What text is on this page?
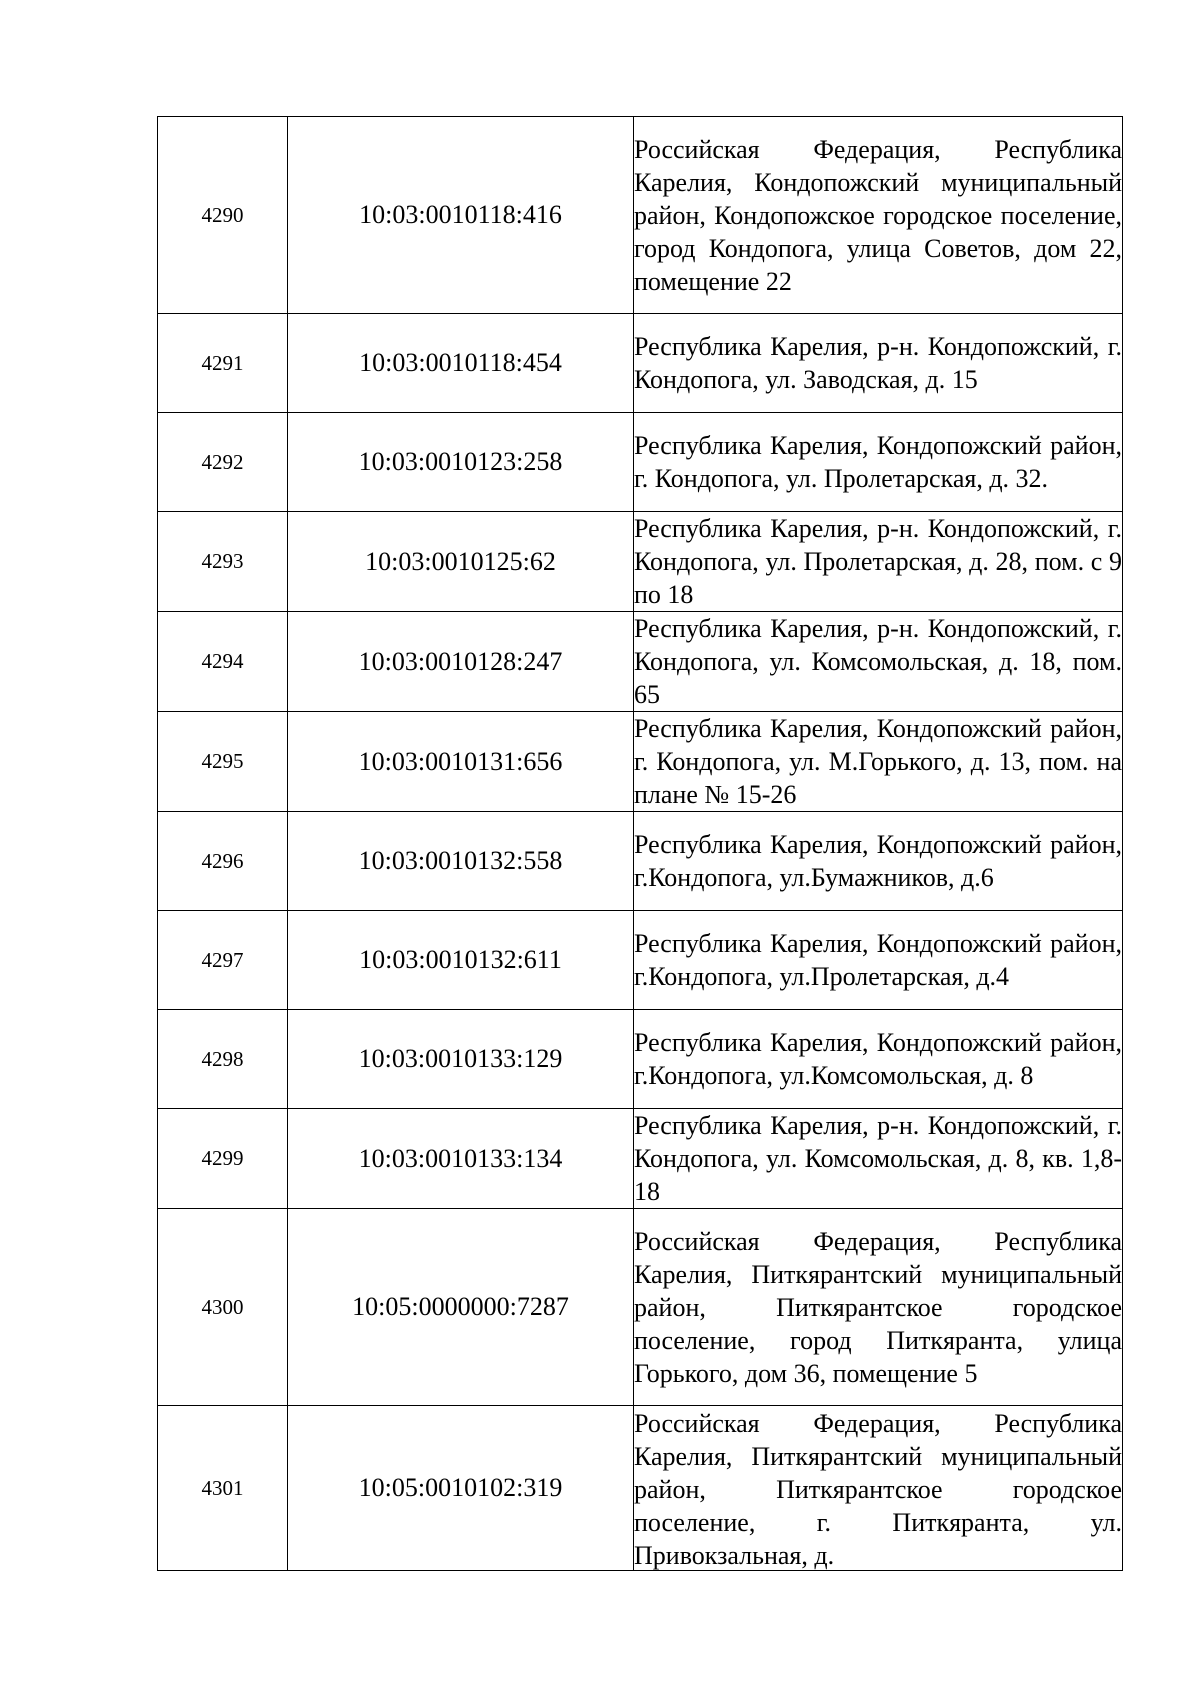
4290	10:03:0010118:416	Российская Федерация, Республика Карелия, Кондопожский муниципальный район, Кондопожское городское поселение, город Кондопога, улица Советов, дом 22, помещение 22
4291	10:03:0010118:454	Республика Карелия, р-н. Кондопожский, г. Кондопога, ул. Заводская, д. 15
4292	10:03:0010123:258	Республика Карелия, Кондопожский район, г. Кондопога, ул. Пролетарская, д. 32.
4293	10:03:0010125:62	Республика Карелия, р-н. Кондопожский, г. Кондопога, ул. Пролетарская, д. 28, пом. с 9 по 18
4294	10:03:0010128:247	Республика Карелия, р-н. Кондопожский, г. Кондопога, ул. Комсомольская, д. 18, пом. 65
4295	10:03:0010131:656	Республика Карелия, Кондопожский район, г. Кондопога, ул. М.Горького, д. 13, пом. на плане № 15-26
4296	10:03:0010132:558	Республика Карелия, Кондопожский район, г.Кондопога, ул.Бумажников, д.6
4297	10:03:0010132:611	Республика Карелия, Кондопожский район, г.Кондопога, ул.Пролетарская, д.4
4298	10:03:0010133:129	Республика Карелия, Кондопожский район, г.Кондопога, ул.Комсомольская, д. 8
4299	10:03:0010133:134	Республика Карелия, р-н. Кондопожский, г. Кондопога, ул. Комсомольская, д. 8, кв. 1,8-18
4300	10:05:0000000:7287	Российская Федерация, Республика Карелия, Питкярантский муниципальный район, Питкярантское городское поселение, город Питкяранта, улица Горького, дом 36, помещение 5
4301	10:05:0010102:319	Российская Федерация, Республика Карелия, Питкярантский муниципальный район, Питкярантское городское поселение, г. Питкяранта, ул. Привокзальная, д.
